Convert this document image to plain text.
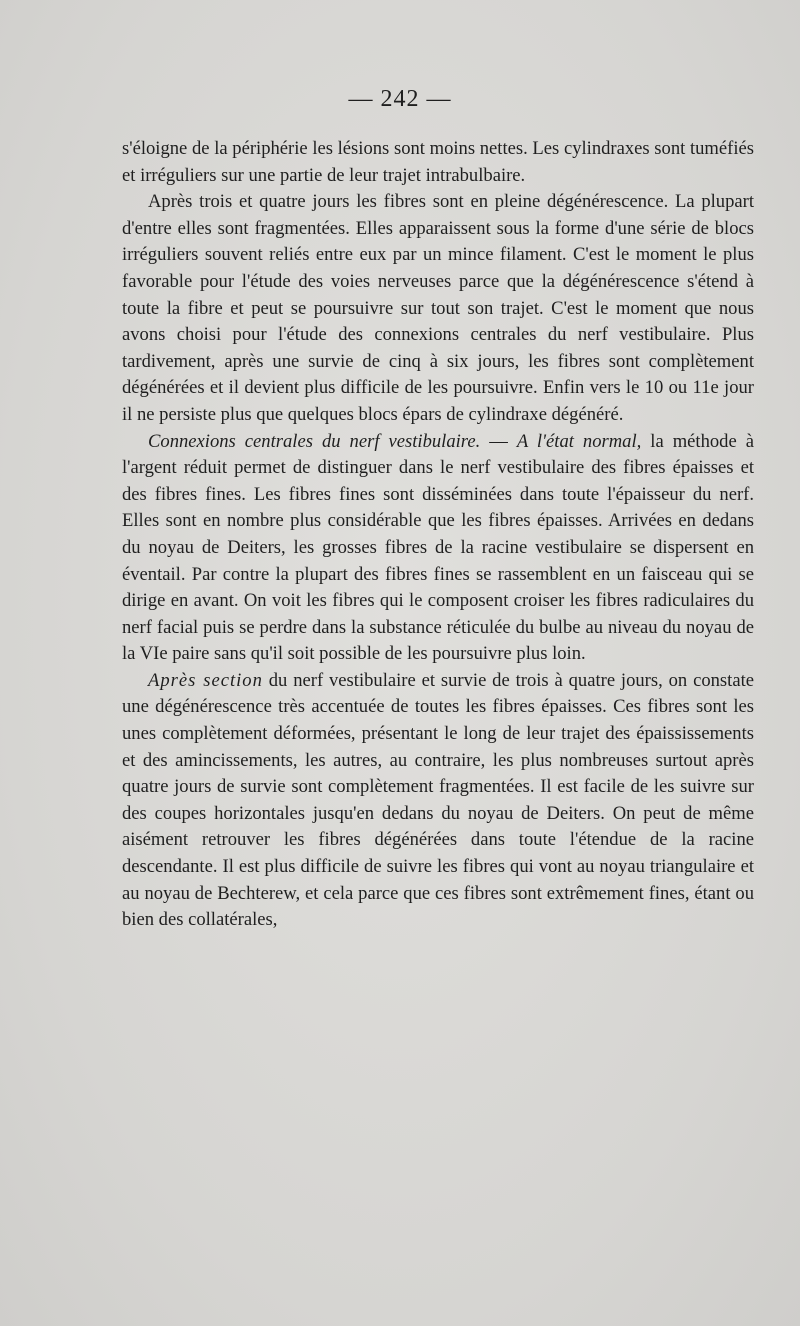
— 242 —

s'éloigne de la périphérie les lésions sont moins nettes. Les cylindraxes sont tuméfiés et irréguliers sur une partie de leur trajet intrabulbaire.

Après trois et quatre jours les fibres sont en pleine dégénérescence. La plupart d'entre elles sont fragmentées. Elles apparaissent sous la forme d'une série de blocs irréguliers souvent reliés entre eux par un mince filament. C'est le moment le plus favorable pour l'étude des voies nerveuses parce que la dégénérescence s'étend à toute la fibre et peut se poursuivre sur tout son trajet. C'est le moment que nous avons choisi pour l'étude des connexions centrales du nerf vestibulaire. Plus tardivement, après une survie de cinq à six jours, les fibres sont complètement dégénérées et il devient plus difficile de les poursuivre. Enfin vers le 10 ou 11e jour il ne persiste plus que quelques blocs épars de cylindraxe dégénéré.

Connexions centrales du nerf vestibulaire. — A l'état normal, la méthode à l'argent réduit permet de distinguer dans le nerf vestibulaire des fibres épaisses et des fibres fines. Les fibres fines sont disséminées dans toute l'épaisseur du nerf. Elles sont en nombre plus considérable que les fibres épaisses. Arrivées en dedans du noyau de Deiters, les grosses fibres de la racine vestibulaire se dispersent en éventail. Par contre la plupart des fibres fines se rassemblent en un faisceau qui se dirige en avant. On voit les fibres qui le composent croiser les fibres radiculaires du nerf facial puis se perdre dans la substance réticulée du bulbe au niveau du noyau de la VIe paire sans qu'il soit possible de les poursuivre plus loin.

Après section du nerf vestibulaire et survie de trois à quatre jours, on constate une dégénérescence très accentuée de toutes les fibres épaisses. Ces fibres sont les unes complètement déformées, présentant le long de leur trajet des épaississements et des amincissements, les autres, au contraire, les plus nombreuses surtout après quatre jours de survie sont complètement fragmentées. Il est facile de les suivre sur des coupes horizontales jusqu'en dedans du noyau de Deiters. On peut de même aisément retrouver les fibres dégénérées dans toute l'étendue de la racine descendante. Il est plus difficile de suivre les fibres qui vont au noyau triangulaire et au noyau de Bechterew, et cela parce que ces fibres sont extrêmement fines, étant ou bien des collatérales,
